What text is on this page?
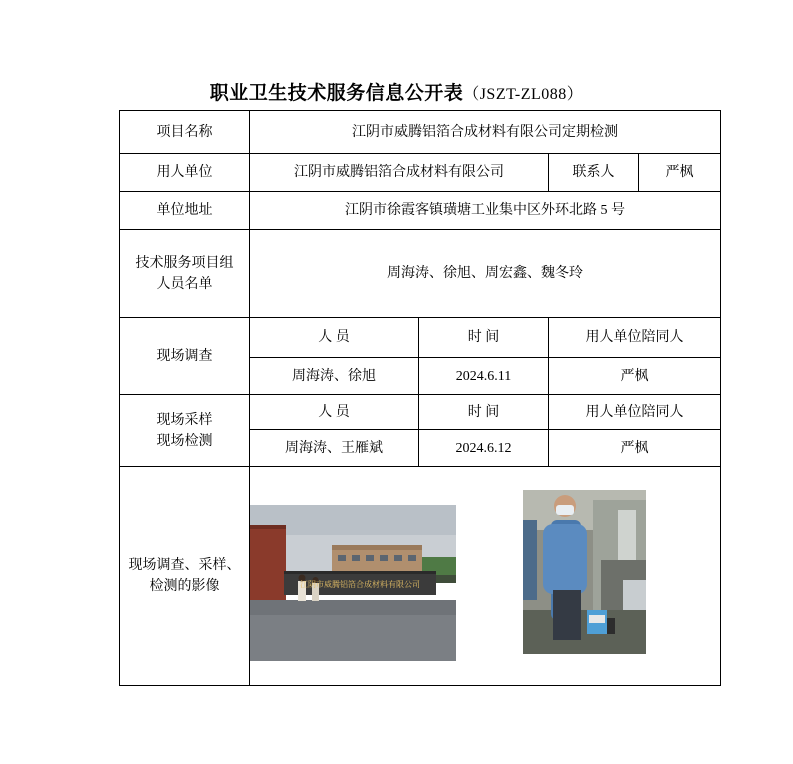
职业卫生技术服务信息公开表（JSZT-ZL088）
项目名称	江阴市威腾铝箔合成材料有限公司定期检测			
用人单位	江阴市威腾铝箔合成材料有限公司		联系人	严枫
单位地址	江阴市徐霞客镇璜塘工业集中区外环北路 5 号			

技术服务项目组
人员名单	周海涛、徐旭、周宏鑫、魏冬玲			
现场调查	人 员	时 间	用人单位陪同人	
	周海涛、徐旭	2024.6.11	严枫	

现场采样
现场检测	人 员	时 间	用人单位陪同人	
	周海涛、王雁斌	2024.6.12	严枫	

现场调查、采样、
检测的影像	江阴市威腾铝箔合成材料有限公司			
